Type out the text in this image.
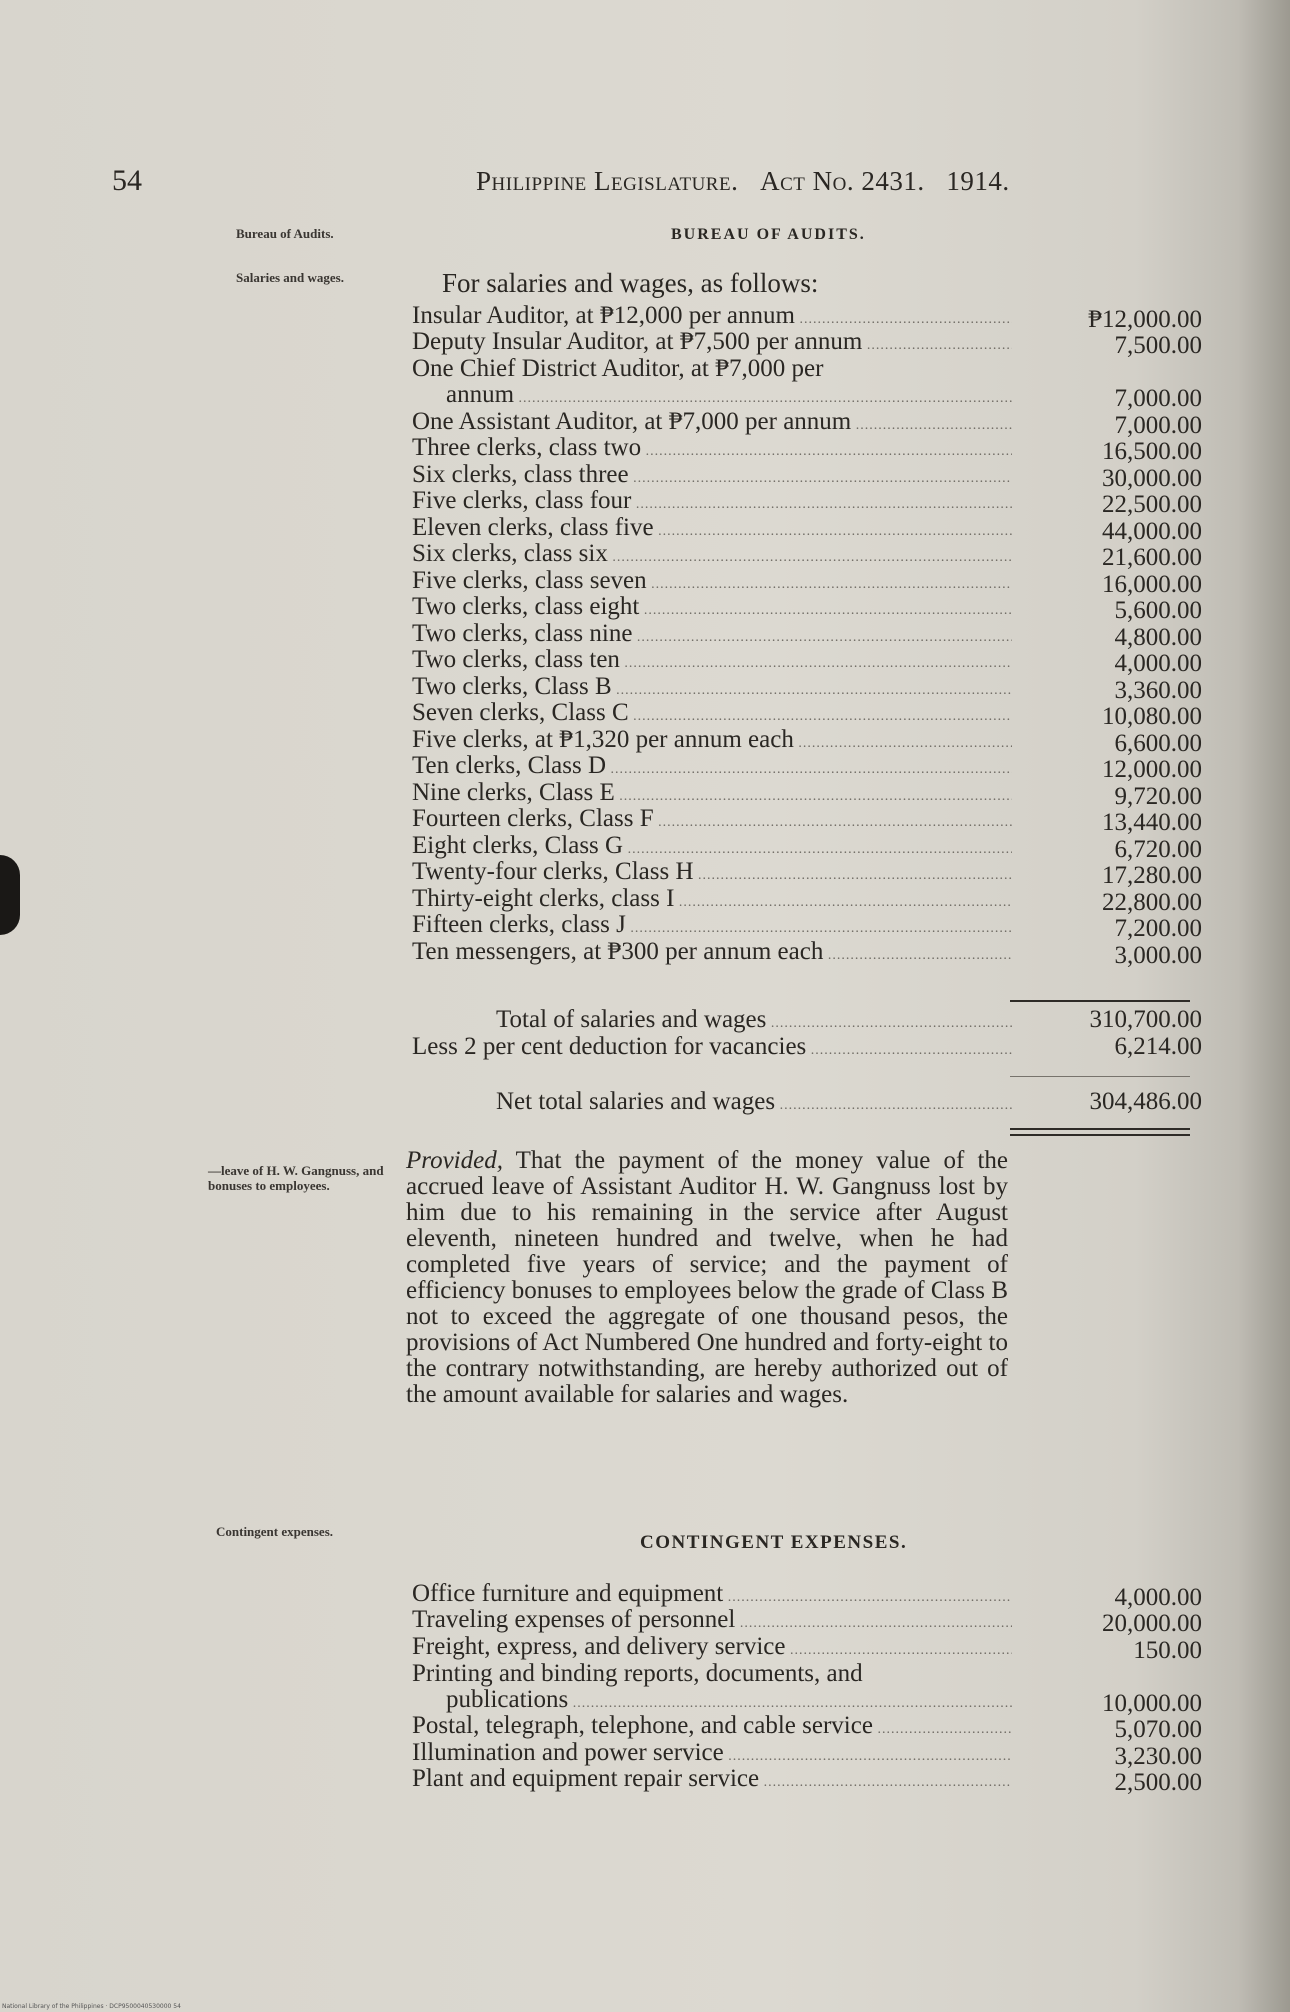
54	Philippine Legislature. Act No. 2431. 1914.
Bureau of Audits.	BUREAU OF AUDITS.
Salaries and wages.	For salaries and wages, as follows:
Insular Auditor, at ₱12,000 per annum .....	₱12,000.00
Deputy Insular Auditor, at ₱7,500 per annum .....	7,500.00
One Chief District Auditor, at ₱7,000 per
annum .....	7,000.00
One Assistant Auditor, at ₱7,000 per annum .....	7,000.00
Three clerks, class two .....	16,500.00
Six clerks, class three .....	30,000.00
Five clerks, class four .....	22,500.00
Eleven clerks, class five .....	44,000.00
Six clerks, class six .....	21,600.00
Five clerks, class seven .....	16,000.00
Two clerks, class eight .....	5,600.00
Two clerks, class nine .....	4,800.00
Two clerks, class ten .....	4,000.00
Two clerks, Class B .....	3,360.00
Seven clerks, Class C .....	10,080.00
Five clerks, at ₱1,320 per annum each .....	6,600.00
Ten clerks, Class D .....	12,000.00
Nine clerks, Class E .....	9,720.00
Fourteen clerks, Class F .....	13,440.00
Eight clerks, Class G .....	6,720.00
Twenty-four clerks, Class H .....	17,280.00
Thirty-eight clerks, class I .....	22,800.00
Fifteen clerks, class J .....	7,200.00
Ten messengers, at ₱300 per annum each .....	3,000.00
Total of salaries and wages .....	310,700.00
Less 2 per cent deduction for vacancies .....	6,214.00
Net total salaries and wages .....	304,486.00
—leave of H. W. Gangnuss, and bonuses to employees.
Provided, That the payment of the money value of the accrued leave of Assistant Auditor H. W. Gangnuss lost by him due to his remaining in the service after August eleventh, nineteen hundred and twelve, when he had completed five years of service; and the payment of efficiency bonuses to employees below the grade of Class B not to exceed the aggregate of one thousand pesos, the provisions of Act Numbered One hundred and forty-eight to the contrary notwithstanding, are hereby authorized out of the amount available for salaries and wages.
Contingent expenses.
CONTINGENT EXPENSES.
Office furniture and equipment .....	4,000.00
Traveling expenses of personnel .....	20,000.00
Freight, express, and delivery service .....	150.00
Printing and binding reports, documents, and
publications .....	10,000.00
Postal, telegraph, telephone, and cable service .....	5,070.00
Illumination and power service .....	3,230.00
Plant and equipment repair service .....	2,500.00
National Library of the Philippines · DCP9500040530000 54
